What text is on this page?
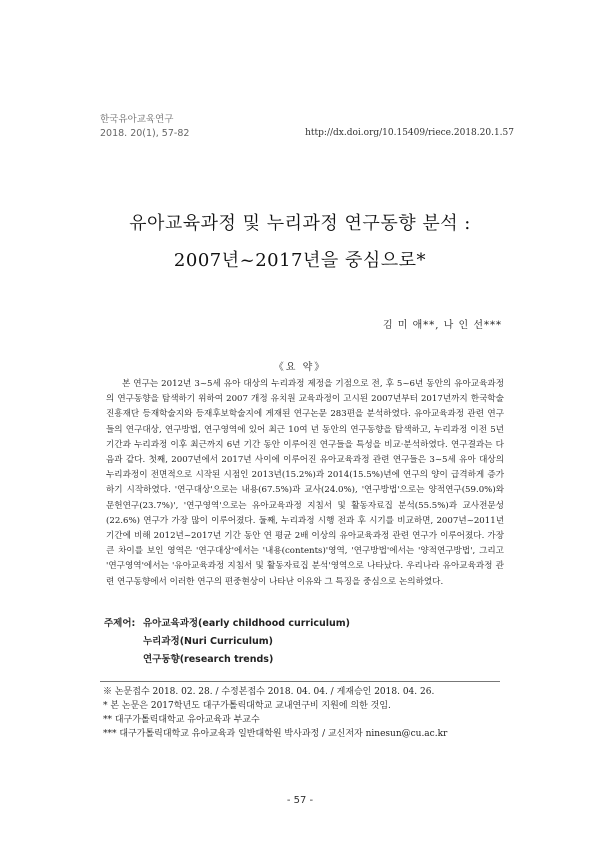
한국유아교육연구
2018. 20(1), 57-82	http://dx.doi.org/10.15409/riece.2018.20.1.57
유아교육과정 및 누리과정 연구동향 분석 :
2007년~2017년을 중심으로*
김 미 애**, 나 인 선***
《요 약》
본 연구는 2012년 3~5세 유아 대상의 누리과정 제정을 기점으로 전, 후 5~6년 동안의 유아교육과정의 연구동향을 탐색하기 위하여 2007 개정 유치원 교육과정이 고시된 2007년부터 2017년까지 한국학술진흥재단 등재학술지와 등재후보학술지에 게재된 연구논문 283편을 분석하였다. 유아교육과정 관련 연구들의 연구대상, 연구방법, 연구영역에 있어 최근 10여 년 동안의 연구동향을 탐색하고, 누리과정 이전 5년 기간과 누리과정 이후 최근까지 6년 기간 동안 이루어진 연구들을 특성을 비교·분석하였다. 연구결과는 다음과 같다. 첫째, 2007년에서 2017년 사이에 이루어진 유아교육과정 관련 연구들은 3~5세 유아 대상의 누리과정이 전면적으로 시작된 시점인 2013년(15.2%)과 2014(15.5%)년에 연구의 양이 급격하게 증가하기 시작하였다. '연구대상'으로는 내용(67.5%)과 교사(24.0%), '연구방법'으로는 양적연구(59.0%)와 문헌연구(23.7%)', '연구영역'으로는 유아교육과정 지침서 및 활동자료집 분석(55.5%)과 교사전문성(22.6%) 연구가 가장 많이 이루어졌다. 둘째, 누리과정 시행 전과 후 시기를 비교하면, 2007년~2011년 기간에 비해 2012년~2017년 기간 동안 연 평균 2배 이상의 유아교육과정 관련 연구가 이루어졌다. 가장 큰 차이를 보인 영역은 '연구대상'에서는 '내용(contents)'영역, '연구방법'에서는 '양적연구방법', 그리고 '연구영역'에서는 '유아교육과정 지침서 및 활동자료집 분석'영역으로 나타났다. 우리나라 유아교육과정 관련 연구동향에서 이러한 연구의 편중현상이 나타난 이유와 그 특징을 중심으로 논의하였다.
주제어: 유아교육과정(early childhood curriculum)
누리과정(Nuri Curriculum)
연구동향(research trends)
※ 논문접수 2018. 02. 28. / 수정본접수 2018. 04. 04. / 게재승인 2018. 04. 26.
* 본 논문은 2017학년도 대구가톨릭대학교 교내연구비 지원에 의한 것임.
** 대구가톨릭대학교 유아교육과 부교수
*** 대구가톨릭대학교 유아교육과 일반대학원 박사과정 / 교신저자 ninesun@cu.ac.kr
- 57 -
